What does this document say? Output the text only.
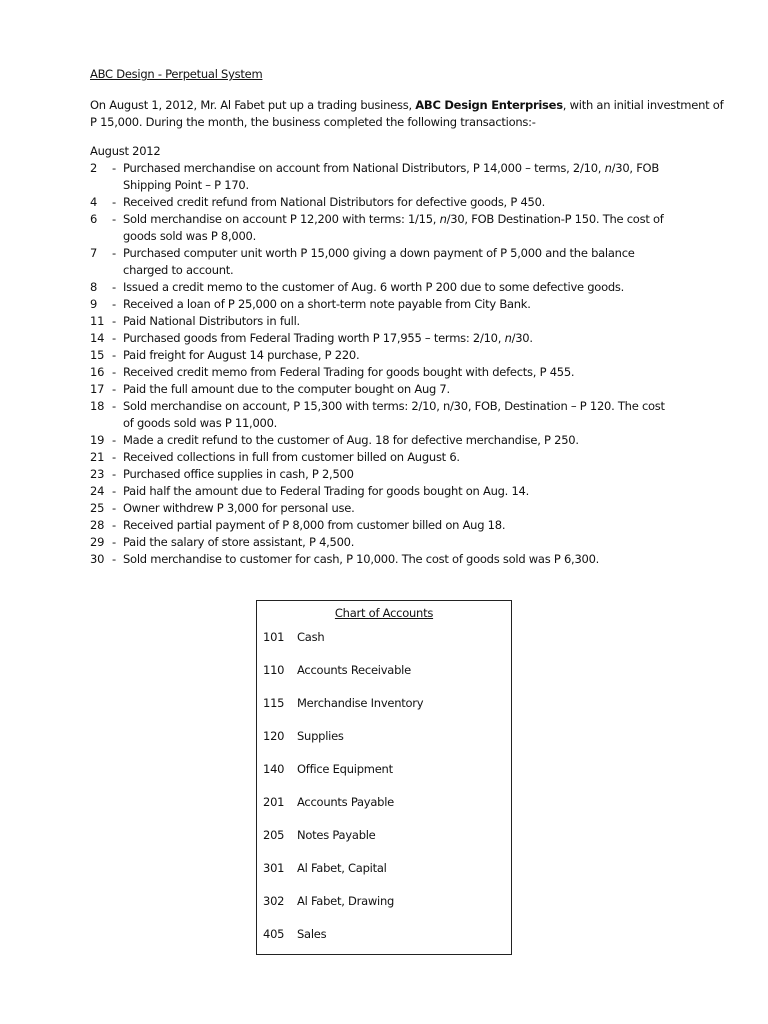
ABC Design - Perpetual System

On August 1, 2012, Mr. Al Fabet put up a trading business, ABC Design Enterprises, with an initial investment of P 15,000. During the month, the business completed the following transactions:-

August 2012
2	- Purchased merchandise on account from National Distributors, P 14,000 – terms, 2/10, n/30, FOB
Shipping Point – P 170.
4	- Received credit refund from National Distributors for defective goods, P 450.
6	- Sold merchandise on account P 12,200 with terms: 1/15, n/30, FOB Destination-P 150. The cost of
goods sold was P 8,000.
7	- Purchased computer unit worth P 15,000 giving a down payment of P 5,000 and the balance
charged to account.
8	- Issued a credit memo to the customer of Aug. 6 worth P 200 due to some defective goods.
9	- Received a loan of P 25,000 on a short-term note payable from City Bank.
11 - Paid National Distributors in full.
14 - Purchased goods from Federal Trading worth P 17,955 – terms: 2/10, n/30.
15 - Paid freight for August 14 purchase, P 220.
16 - Received credit memo from Federal Trading for goods bought with defects, P 455.
17 - Paid the full amount due to the computer bought on Aug 7.
18 - Sold merchandise on account, P 15,300 with terms: 2/10, n/30, FOB, Destination – P 120. The cost
of goods sold was P 11,000.
19 - Made a credit refund to the customer of Aug. 18 for defective merchandise, P 250.
21 - Received collections in full from customer billed on August 6.
23 - Purchased office supplies in cash, P 2,500
24 - Paid half the amount due to Federal Trading for goods bought on Aug. 14.
25 - Owner withdrew P 3,000 for personal use.
28 - Received partial payment of P 8,000 from customer billed on Aug 18.
29 - Paid the salary of store assistant, P 4,500.
30 - Sold merchandise to customer for cash, P 10,000. The cost of goods sold was P 6,300.
Chart of Accounts
101 Cash
110 Accounts Receivable
115 Merchandise Inventory
120 Supplies
140 Office Equipment
201 Accounts Payable
205 Notes Payable
301 Al Fabet, Capital
302 Al Fabet, Drawing
405 Sales
